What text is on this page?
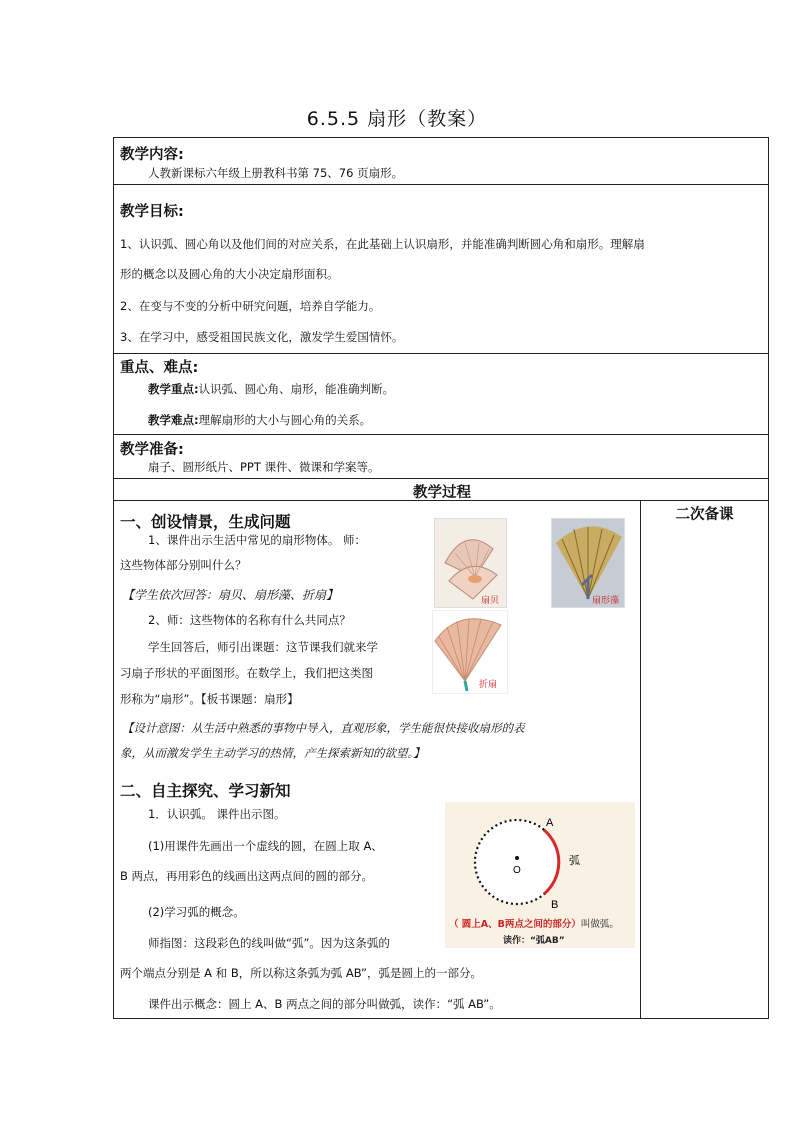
6.5.5 扇形（教案）
教学内容:
人教新课标六年级上册教科书第 75、76 页扇形。
教学目标:
1、认识弧、圆心角以及他们间的对应关系，在此基础上认识扇形，并能准确判断圆心角和扇形。理解扇
形的概念以及圆心角的大小决定扇形面积。
2、在变与不变的分析中研究问题，培养自学能力。
3、在学习中，感受祖国民族文化，激发学生爱国情怀。
重点、难点:
教学重点:认识弧、圆心角、扇形，能准确判断。
教学难点:理解扇形的大小与圆心角的关系。
教学准备:
扇子、圆形纸片、PPT 课件、微课和学案等。
教学过程
二次备课
一、创设情景，生成问题
1、课件出示生活中常见的扇形物体。 师：
这些物体部分别叫什么？
【学生依次回答：扇贝、扇形藻、折扇】
2、师：这些物体的名称有什么共同点？
学生回答后，师引出课题：这节课我们就来学
习扇子形状的平面图形。在数学上，我们把这类图
形称为“扇形”。【板书课题：扇形】
【设计意图：从生活中熟悉的事物中导入，直观形象，学生能很快接收扇形的表
象，从而激发学生主动学习的热情，产生探索新知的欲望。】
扇贝	扇形藻
折扇
二、自主探究、学习新知
1．认识弧。 课件出示图。
(1)用课件先画出一个虚线的圆，在圆上取 A、
B 两点，再用彩色的线画出这两点间的圆的部分。
(2)学习弧的概念。
师指图：这段彩色的线叫做“弧”。因为这条弧的
两个端点分别是 A 和 B，所以称这条弧为弧 AB”，弧是圆上的一部分。
课件出示概念：圆上 A、B 两点之间的部分叫做弧，读作：“弧 AB”。
O
A
B
弧
（ 圆上A、B两点之间的部分）叫做弧。
读作：“弧AB”
